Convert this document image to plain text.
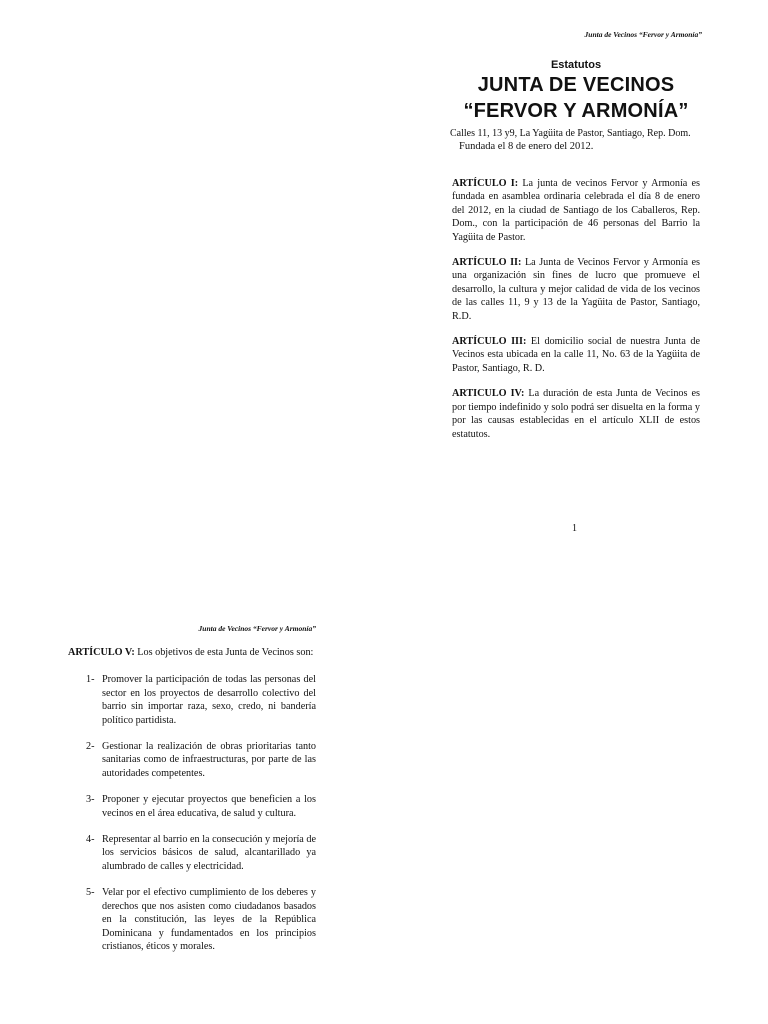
Junta de Vecinos “Fervor y Armonía”

Estatutos
JUNTA DE VECINOS
“FERVOR Y ARMONÍA”
Calles 11, 13 y9, La Yagüita de Pastor, Santiago, Rep. Dom.
Fundada el 8 de enero del 2012.

ARTÍCULO I: La junta de vecinos Fervor y Armonía es fundada en asamblea ordinaria celebrada el día 8 de enero del 2012, en la ciudad de Santiago de los Caballeros, Rep. Dom., con la participación de 46 personas del Barrio la Yagüita de Pastor.

ARTÍCULO II: La Junta de Vecinos Fervor y Armonía es una organización sin fines de lucro que promueve el desarrollo, la cultura y mejor calidad de vida de los vecinos de las calles 11, 9 y 13 de la Yagüita de Pastor, Santiago, R.D.

ARTÍCULO III: El domicilio social de nuestra Junta de Vecinos esta ubicada en la calle 11, No. 63 de la Yagüita de Pastor, Santiago, R. D.

ARTICULO IV: La duración de esta Junta de Vecinos es por tiempo indefinido y solo podrá ser disuelta en la forma y por las causas establecidas en el artículo XLII de estos estatutos.

1

Junta de Vecinos “Fervor y Armonía”

ARTÍCULO V: Los objetivos de esta Junta de Vecinos son:

1- Promover la participación de todas las personas del sector en los proyectos de desarrollo colectivo del barrio sin importar raza, sexo, credo, ni bandería político partidista.
2- Gestionar la realización de obras prioritarias tanto sanitarias como de infraestructuras, por parte de las autoridades competentes.
3- Proponer y ejecutar proyectos que beneficien a los vecinos en el área educativa, de salud y cultura.
4- Representar al barrio en la consecución y mejoría de los servicios básicos de salud, alcantarillado ya alumbrado de calles y electricidad.
5- Velar por el efectivo cumplimiento de los deberes y derechos que nos asisten como ciudadanos basados en la constitución, las leyes de la República Dominicana y fundamentados en los principios cristianos, éticos y morales.
